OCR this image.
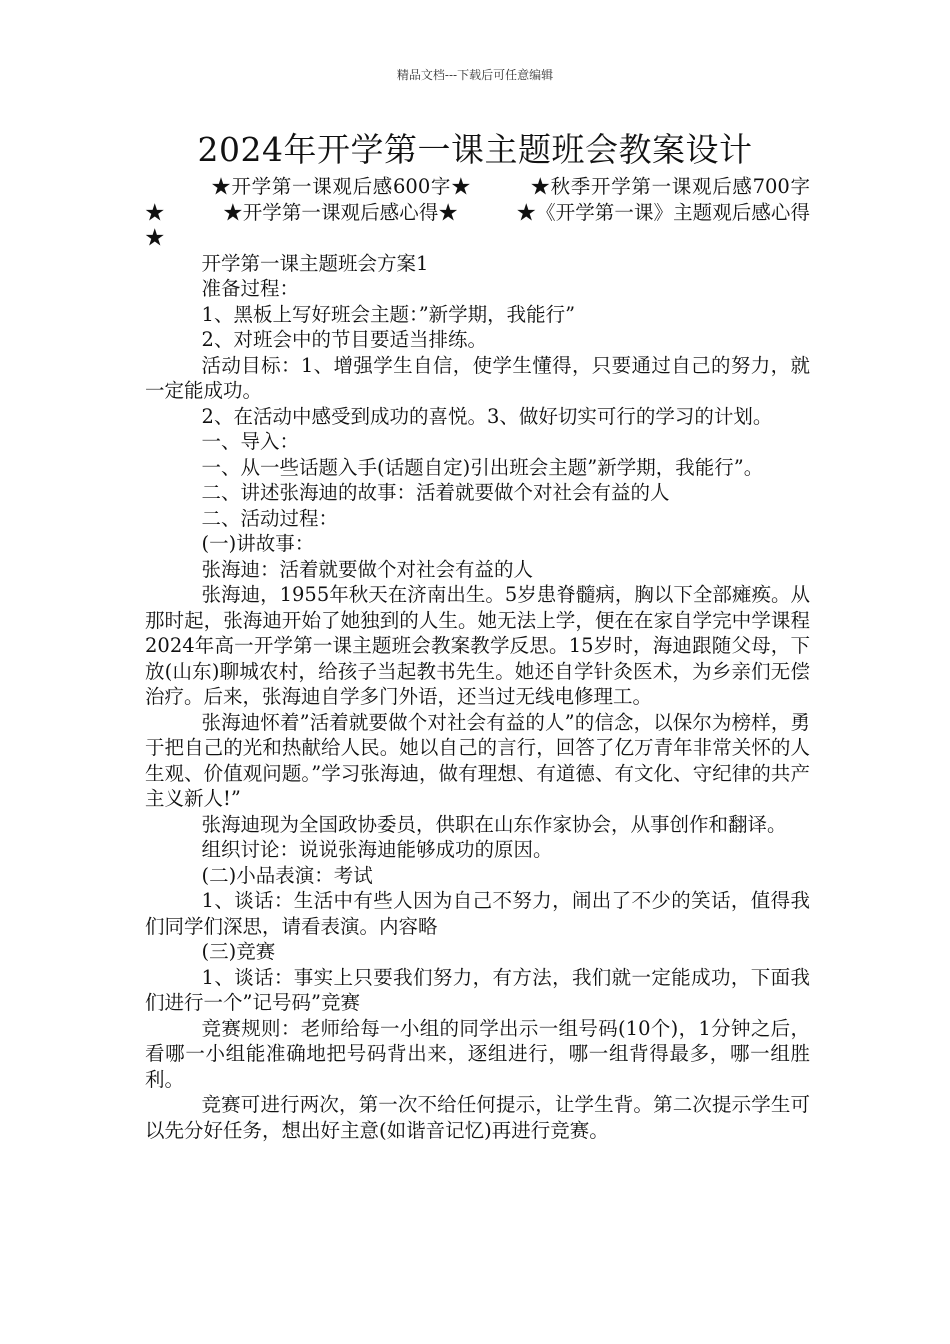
精品文档---下载后可任意编辑
2024年开学第一课主题班会教案设计

★开学第一课观后感600字★   	★秋季开学第一课观后感700字★   	★开学第一课观后感心得★   	★《开学第一课》主题观后感心得★

开学第一课主题班会方案1

准备过程：

1、黑板上写好班会主题：”新学期，我能行”

2、对班会中的节目要适当排练。

活动目标：1、增强学生自信，使学生懂得，只要通过自己的努力，就一定能成功。

2、在活动中感受到成功的喜悦。3、做好切实可行的学习的计划。

一、导入：

一、从一些话题入手(话题自定)引出班会主题”新学期，我能行”。

二、讲述张海迪的故事：活着就要做个对社会有益的人

二、活动过程：

(一)讲故事：

张海迪：活着就要做个对社会有益的人

张海迪，1955年秋天在济南出生。5岁患脊髓病，胸以下全部瘫痪。从那时起，张海迪开始了她独到的人生。她无法上学，便在在家自学完中学课程2024年高一开学第一课主题班会教案教学反思。15岁时，海迪跟随父母，下放(山东)聊城农村，给孩子当起教书先生。她还自学针灸医术，为乡亲们无偿治疗。后来，张海迪自学多门外语，还当过无线电修理工。

张海迪怀着”活着就要做个对社会有益的人”的信念，以保尔为榜样，勇于把自己的光和热献给人民。她以自己的言行，回答了亿万青年非常关怀的人生观、价值观问题。”学习张海迪，做有理想、有道德、有文化、守纪律的共产主义新人!”

张海迪现为全国政协委员，供职在山东作家协会，从事创作和翻译。

组织讨论：说说张海迪能够成功的原因。

(二)小品表演：考试

1、谈话：生活中有些人因为自己不努力，闹出了不少的笑话，值得我们同学们深思，请看表演。内容略

(三)竞赛

1、谈话：事实上只要我们努力，有方法，我们就一定能成功，下面我们进行一个”记号码”竞赛

竞赛规则：老师给每一小组的同学出示一组号码(10个)，1分钟之后，看哪一小组能准确地把号码背出来，逐组进行，哪一组背得最多，哪一组胜利。

竞赛可进行两次，第一次不给任何提示，让学生背。第二次提示学生可以先分好任务，想出好主意(如谐音记忆)再进行竞赛。
